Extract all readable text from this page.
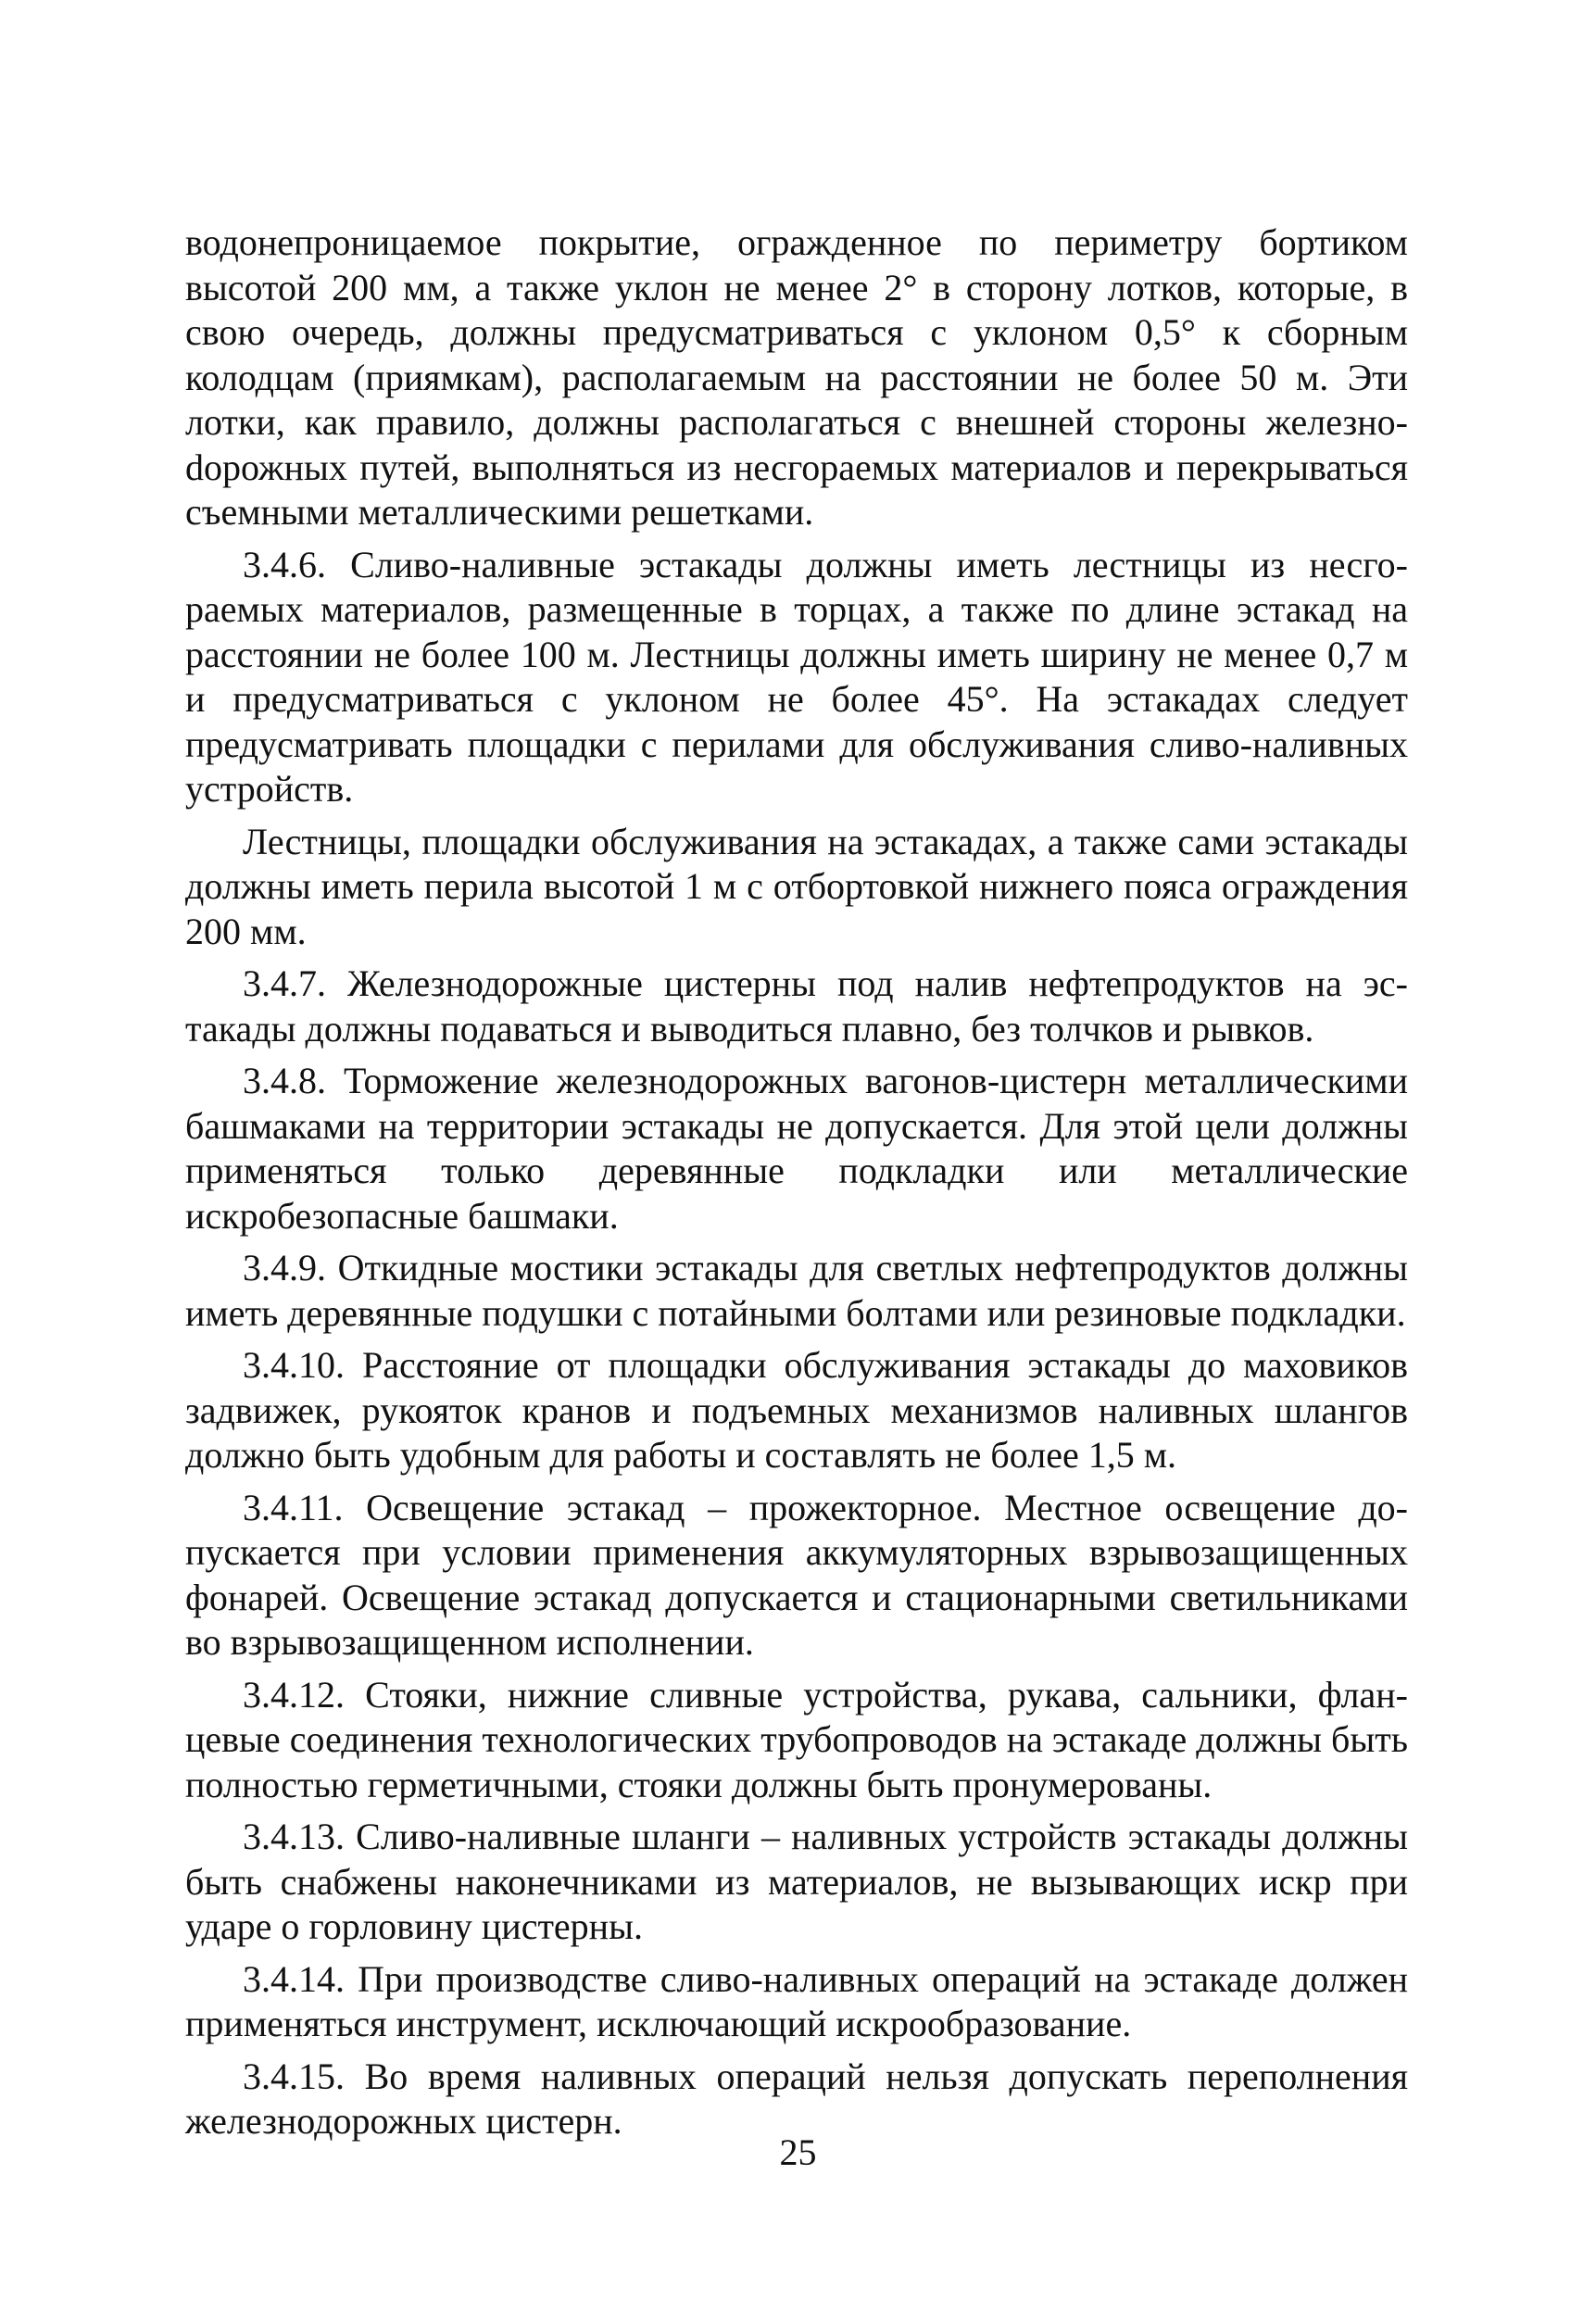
водонепроницаемое покрытие, огражденное по периметру бортиком высотой 200 мм, а также уклон не менее 2° в сторону лотков, которые, в свою очередь, должны предусматриваться с уклоном 0,5° к сборным колодцам (приямкам), располагаемым на расстоянии не более 50 м. Эти лотки, как правило, должны располагаться с внешней стороны железноdорожных путей, выполняться из несгораемых материалов и перекрываться съемными металлическими решетками.

3.4.6. Сливо-наливные эстакады должны иметь лестницы из несгораемых материалов, размещенные в торцах, а также по длине эстакад на расстоянии не более 100 м. Лестницы должны иметь ширину не менее 0,7 м и предусматриваться с уклоном не более 45°. На эстакадах следует предусматривать площадки с перилами для обслуживания сливо-наливных устройств.

Лестницы, площадки обслуживания на эстакадах, а также сами эстакады должны иметь перила высотой 1 м с отбортовкой нижнего пояса ограждения 200 мм.

3.4.7. Железнодорожные цистерны под налив нефтепродуктов на эстакады должны подаваться и выводиться плавно, без толчков и рывков.

3.4.8. Торможение железнодорожных вагонов-цистерн металлическими башмаками на территории эстакады не допускается. Для этой цели должны применяться только деревянные подкладки или металлические искробезопасные башмаки.

3.4.9. Откидные мостики эстакады для светлых нефтепродуктов должны иметь деревянные подушки с потайными болтами или резиновые подкладки.

3.4.10. Расстояние от площадки обслуживания эстакады до маховиков задвижек, рукояток кранов и подъемных механизмов наливных шлангов должно быть удобным для работы и составлять не более 1,5 м.

3.4.11. Освещение эстакад – прожекторное. Местное освещение допускается при условии применения аккумуляторных взрывозащищенных фонарей. Освещение эстакад допускается и стационарными светильниками во взрывозащищенном исполнении.

3.4.12. Стояки, нижние сливные устройства, рукава, сальники, фланцевые соединения технологических трубопроводов на эстакаде должны быть полностью герметичными, стояки должны быть пронумерованы.

3.4.13. Сливо-наливные шланги – наливных устройств эстакады должны быть снабжены наконечниками из материалов, не вызывающих искр при ударе о горловину цистерны.

3.4.14. При производстве сливо-наливных операций на эстакаде должен применяться инструмент, исключающий искрообразование.

3.4.15. Во время наливных операций нельзя допускать переполнения железнодорожных цистерн.

25
